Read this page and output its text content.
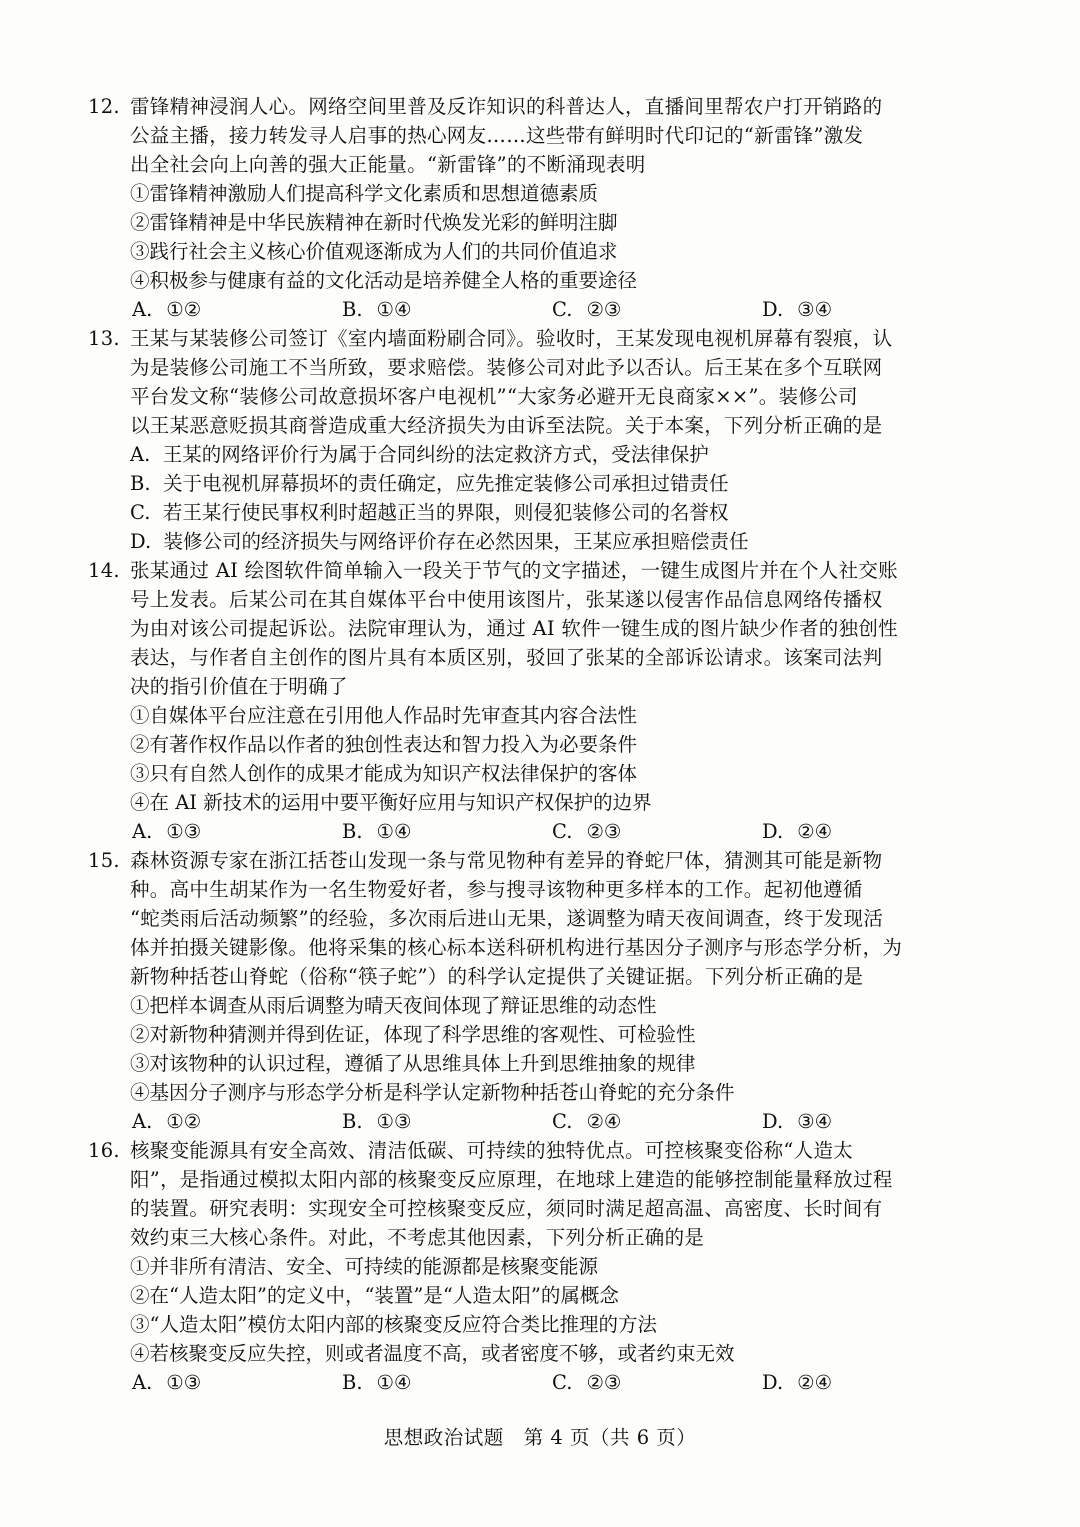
12. 雷锋精神浸润人心。网络空间里普及反诈知识的科普达人，直播间里帮农户打开销路的
公益主播，接力转发寻人启事的热心网友……这些带有鲜明时代印记的“新雷锋”激发
出全社会向上向善的强大正能量。“新雷锋”的不断涌现表明
①雷锋精神激励人们提高科学文化素质和思想道德素质
②雷锋精神是中华民族精神在新时代焕发光彩的鲜明注脚
③践行社会主义核心价值观逐渐成为人们的共同价值追求
④积极参与健康有益的文化活动是培养健全人格的重要途径
A. ①②	B. ①④	C. ②③	D. ③④
13. 王某与某装修公司签订《室内墙面粉刷合同》。验收时，王某发现电视机屏幕有裂痕，认
为是装修公司施工不当所致，要求赔偿。装修公司对此予以否认。后王某在多个互联网
平台发文称“装修公司故意损坏客户电视机”“大家务必避开无良商家××”。装修公司
以王某恶意贬损其商誉造成重大经济损失为由诉至法院。关于本案，下列分析正确的是
A. 王某的网络评价行为属于合同纠纷的法定救济方式，受法律保护
B. 关于电视机屏幕损坏的责任确定，应先推定装修公司承担过错责任
C. 若王某行使民事权利时超越正当的界限，则侵犯装修公司的名誉权
D. 装修公司的经济损失与网络评价存在必然因果，王某应承担赔偿责任
14. 张某通过 AI 绘图软件简单输入一段关于节气的文字描述，一键生成图片并在个人社交账
号上发表。后某公司在其自媒体平台中使用该图片，张某遂以侵害作品信息网络传播权
为由对该公司提起诉讼。法院审理认为，通过 AI 软件一键生成的图片缺少作者的独创性
表达，与作者自主创作的图片具有本质区别，驳回了张某的全部诉讼请求。该案司法判
决的指引价值在于明确了
①自媒体平台应注意在引用他人作品时先审查其内容合法性
②有著作权作品以作者的独创性表达和智力投入为必要条件
③只有自然人创作的成果才能成为知识产权法律保护的客体
④在 AI 新技术的运用中要平衡好应用与知识产权保护的边界
A. ①③	B. ①④	C. ②③	D. ②④
15. 森林资源专家在浙江括苍山发现一条与常见物种有差异的脊蛇尸体，猜测其可能是新物
种。高中生胡某作为一名生物爱好者，参与搜寻该物种更多样本的工作。起初他遵循
“蛇类雨后活动频繁”的经验，多次雨后进山无果，遂调整为晴天夜间调查，终于发现活
体并拍摄关键影像。他将采集的核心标本送科研机构进行基因分子测序与形态学分析，为
新物种括苍山脊蛇（俗称“筷子蛇”）的科学认定提供了关键证据。下列分析正确的是
①把样本调查从雨后调整为晴天夜间体现了辩证思维的动态性
②对新物种猜测并得到佐证，体现了科学思维的客观性、可检验性
③对该物种的认识过程，遵循了从思维具体上升到思维抽象的规律
④基因分子测序与形态学分析是科学认定新物种括苍山脊蛇的充分条件
A. ①②	B. ①③	C. ②④	D. ③④
16. 核聚变能源具有安全高效、清洁低碳、可持续的独特优点。可控核聚变俗称“人造太
阳”，是指通过模拟太阳内部的核聚变反应原理，在地球上建造的能够控制能量释放过程
的装置。研究表明：实现安全可控核聚变反应，须同时满足超高温、高密度、长时间有
效约束三大核心条件。对此，不考虑其他因素，下列分析正确的是
①并非所有清洁、安全、可持续的能源都是核聚变能源
②在“人造太阳”的定义中，“装置”是“人造太阳”的属概念
③“人造太阳”模仿太阳内部的核聚变反应符合类比推理的方法
④若核聚变反应失控，则或者温度不高，或者密度不够，或者约束无效
A. ①③	B. ①④	C. ②③	D. ②④
思想政治试题　第 4 页（共 6 页）
